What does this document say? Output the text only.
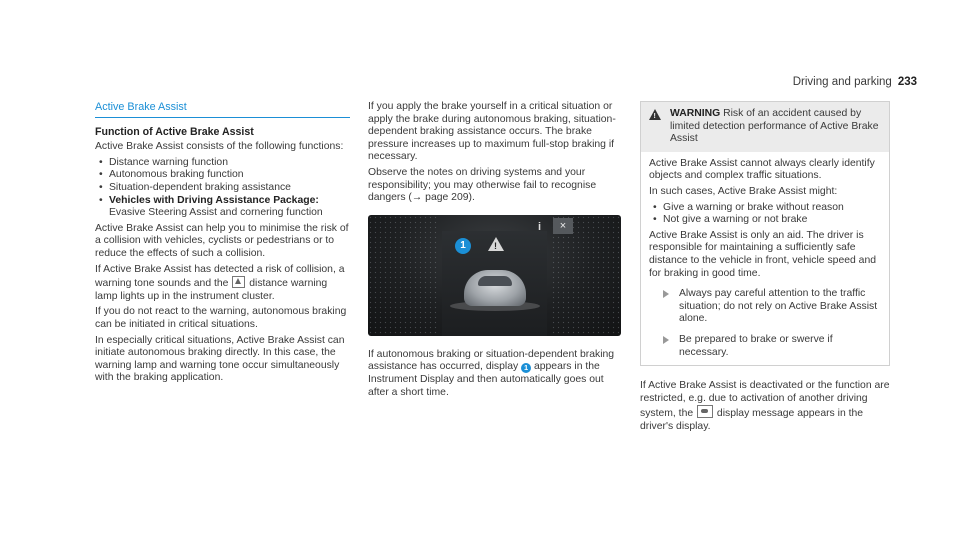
Driving and parking 233
Active Brake Assist
Function of Active Brake Assist

Active Brake Assist consists of the following functions:

• Distance warning function
• Autonomous braking function
• Situation-dependent braking assistance
• Vehicles with Driving Assistance Package: Evasive Steering Assist and cornering function

Active Brake Assist can help you to minimise the risk of a collision with vehicles, cyclists or pedestrians or to reduce the effects of such a collision.

If Active Brake Assist has detected a risk of collision, a warning tone sounds and the distance warning lamp lights up in the instrument cluster.

If you do not react to the warning, autonomous braking can be initiated in critical situations.

In especially critical situations, Active Brake Assist can initiate autonomous braking directly. In this case, the warning lamp and warning tone occur simultaneously with the braking application.

If you apply the brake yourself in a critical situation or apply the brake during autonomous braking, situation-dependent braking assistance occurs. The brake pressure increases up to maximum full-stop braking if necessary.

Observe the notes on driving systems and your responsibility; you may otherwise fail to recognise dangers (→ page 209).

1
!
i	×

If autonomous braking or situation-dependent braking assistance has occurred, display 1 appears in the Instrument Display and then automatically goes out after a short time.

!
WARNING Risk of an accident caused by limited detection performance of Active Brake Assist

Active Brake Assist cannot always clearly identify objects and complex traffic situations.

In such cases, Active Brake Assist might:

• Give a warning or brake without reason
• Not give a warning or not brake

Active Brake Assist is only an aid. The driver is responsible for maintaining a sufficiently safe distance to the vehicle in front, vehicle speed and for braking in good time.

Always pay careful attention to the traffic situation; do not rely on Active Brake Assist alone.
Be prepared to brake or swerve if necessary.

If Active Brake Assist is deactivated or the function are restricted, e.g. due to activation of another driving system, the display message appears in the driver's display.
